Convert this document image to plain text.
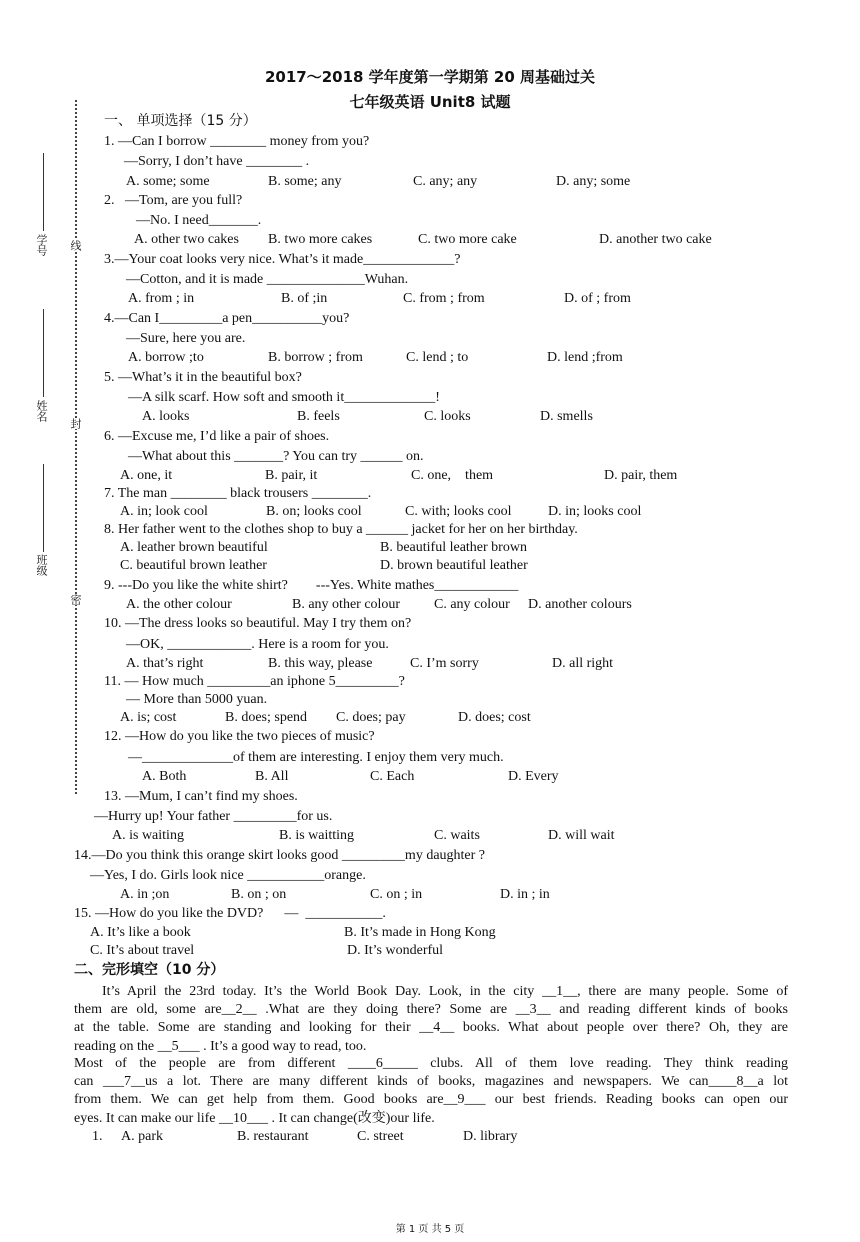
2017～2018 学年度第一学期第 20 周基础过关
七年级英语 Unit8 试题
学号
姓名
班级
线
封
密
一、 单项选择（15 分）
1. —Can I borrow ________ money from you?
—Sorry, I don’t have ________ .
A. some; some	B. some; any	C. any; any	D. any; some
2.   —Tom, are you full?
—No. I need_______.
A. other two cakes B. two more cakes	C. two more cake	D. another two cake
3.—Your coat looks very nice. What’s it made_____________?
—Cotton, and it is made ______________Wuhan.
A. from ; in	B. of ;in	C. from ; from	D. of ; from
4.—Can I_________a pen__________you?
—Sure, here you are.
A. borrow ;to	B. borrow ; from	C. lend ; to	D. lend ;from
5. —What’s it in the beautiful box?
—A silk scarf. How soft and smooth it_____________!
A. looks	B. feels	C. looks	D. smells
6. —Excuse me, I’d like a pair of shoes.
—What about this _______? You can try ______ on.
A. one, it	B. pair, it	C. one,    them	D. pair, them
7. The man ________ black trousers ________.
A. in; look cool	B. on; looks cool	C. with; looks cool	D. in; looks cool
8. Her father went to the clothes shop to buy a ______ jacket for her on her birthday.
A. leather brown beautiful	B. beautiful leather brown
C. beautiful brown leather	D. brown beautiful leather
9. ---Do you like the white shirt?        ---Yes. White mathes____________
A. the other colour	B. any other colour C. any colour D. another colours
10. —The dress looks so beautiful. May I try them on?
—OK, ____________. Here is a room for you.
A. that’s right	B. this way, please	C. I’m sorry	D. all right
11. — How much _________an iphone 5_________?
— More than 5000 yuan.
A. is; cost	B. does; spend C. does; pay	D. does; cost
12. —How do you like the two pieces of music?
—_____________of them are interesting. I enjoy them very much.
A. Both	B. All	C. Each	D. Every
13. —Mum, I can’t find my shoes.
—Hurry up! Your father _________for us.
A. is waiting	B. is waitting	C. waits	D. will wait
14.—Do you think this orange skirt looks good _________my daughter ?
—Yes, I do. Girls look nice ___________orange.
A. in ;on	B. on ; on	C. on ; in	D. in ; in
15. —How do you like the DVD?      —  ___________.
A. It’s like a book	B. It’s made in Hong Kong
C. It’s about travel	D. It’s wonderful
二、完形填空（10 分）
It’s April the 23rd today. It’s the World Book Day. Look, in the city __1__, there are many people. Some of
them are old, some are__2__ .What are they doing there? Some are __3__ and reading different kinds of books
at the table. Some are standing and looking for their __4__ books. What about people over there? Oh, they are
reading on the __5___ . It’s a good way to read, too.
Most of the people are from different ____6_____ clubs. All of them love reading. They think reading
can ___7__us a lot. There are many different kinds of books, magazines and newspapers. We can____8__a lot
from them. We can get help from them. Good books are__9___ our best friends. Reading books can open our
eyes. It can make our life __10___ . It can change(改变)our life.
1. A. park	B. restaurant	C. street	D. library
第 1 页 共 5 页
